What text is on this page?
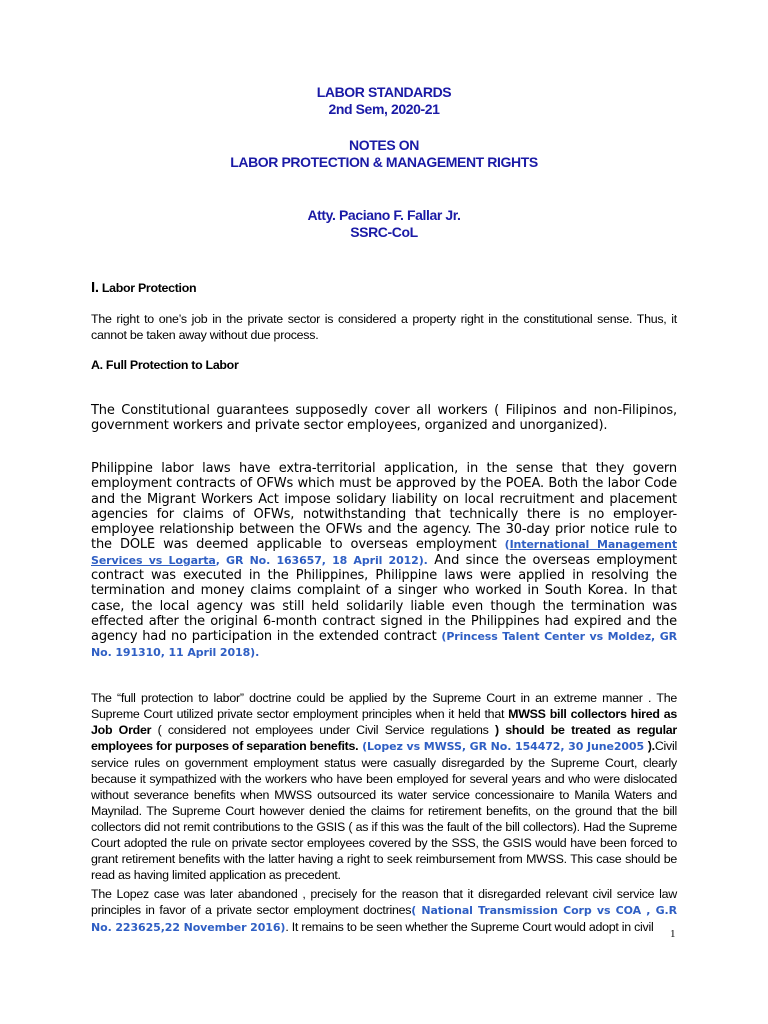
LABOR STANDARDS
2nd Sem, 2020-21
NOTES ON
LABOR PROTECTION & MANAGEMENT RIGHTS
Atty. Paciano F. Fallar Jr.
SSRC-CoL
I. Labor Protection
The right to one’s job in the private sector is considered a property right in the constitutional sense. Thus, it cannot be taken away without due process.
A. Full Protection to Labor
The Constitutional guarantees supposedly cover all workers ( Filipinos and non-Filipinos, government workers and private sector employees, organized and unorganized).
Philippine labor laws have extra-territorial application, in the sense that they govern employment contracts of OFWs which must be approved by the POEA. Both the labor Code and the Migrant Workers Act impose solidary liability on local recruitment and placement agencies for claims of OFWs, notwithstanding that technically there is no employer-employee relationship between the OFWs and the agency. The 30-day prior notice rule to the DOLE was deemed applicable to overseas employment (International Management Services vs Logarta, GR No. 163657, 18 April 2012). And since the overseas employment contract was executed in the Philippines, Philippine laws were applied in resolving the termination and money claims complaint of a singer who worked in South Korea. In that case, the local agency was still held solidarily liable even though the termination was effected after the original 6-month contract signed in the Philippines had expired and the agency had no participation in the extended contract (Princess Talent Center vs Moldez, GR No. 191310, 11 April 2018).
The “full protection to labor” doctrine could be applied by the Supreme Court in an extreme manner . The Supreme Court utilized private sector employment principles when it held that MWSS bill collectors hired as Job Order ( considered not employees under Civil Service regulations ) should be treated as regular employees for purposes of separation benefits. (Lopez vs MWSS, GR No. 154472, 30 June2005 ).Civil service rules on government employment status were casually disregarded by the Supreme Court, clearly because it sympathized with the workers who have been employed for several years and who were dislocated without severance benefits when MWSS outsourced its water service concessionaire to Manila Waters and Maynilad. The Supreme Court however denied the claims for retirement benefits, on the ground that the bill collectors did not remit contributions to the GSIS ( as if this was the fault of the bill collectors). Had the Supreme Court adopted the rule on private sector employees covered by the SSS, the GSIS would have been forced to grant retirement benefits with the latter having a right to seek reimbursement from MWSS. This case should be read as having limited application as precedent.
The Lopez case was later abandoned , precisely for the reason that it disregarded relevant civil service law principles in favor of a private sector employment doctrines( National Transmission Corp vs COA , G.R No. 223625,22 November 2016). It remains to be seen whether the Supreme Court would adopt in civil	1
